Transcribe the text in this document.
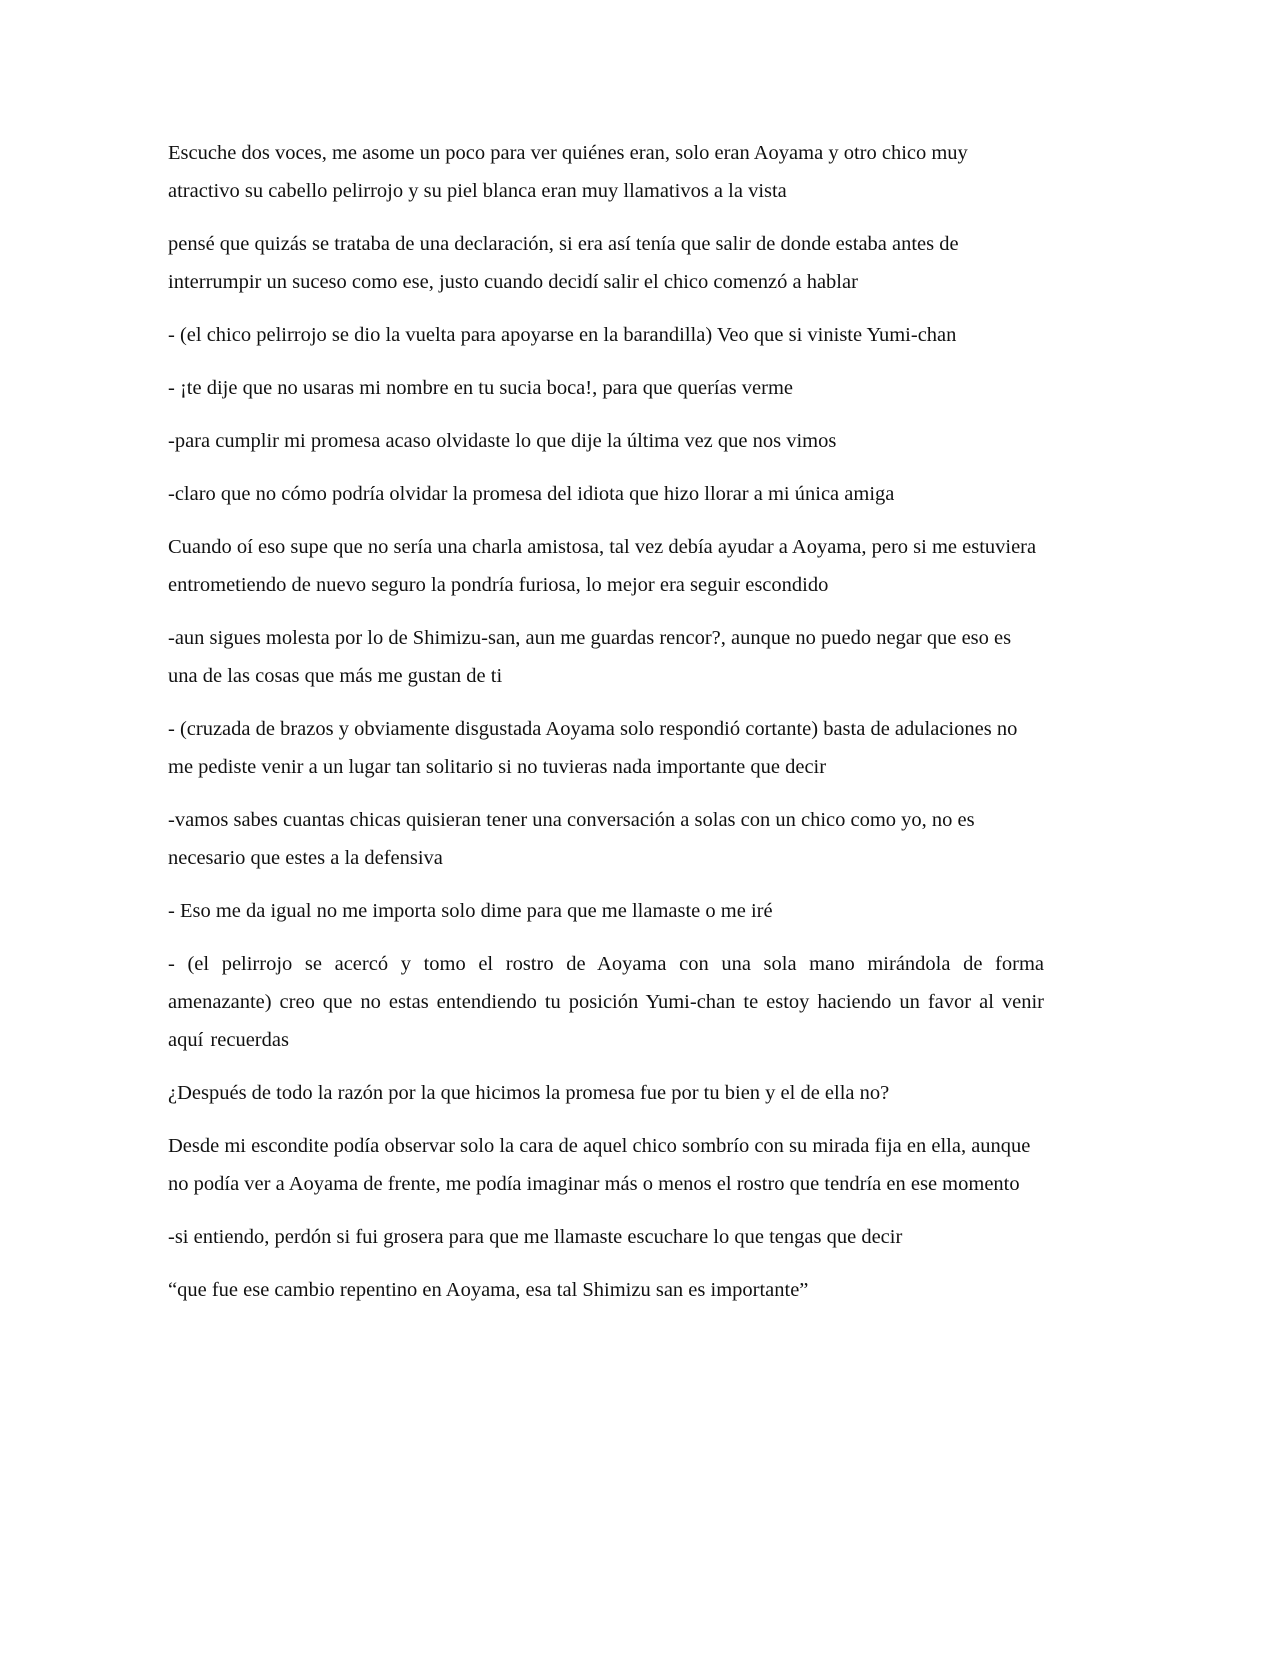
Escuche dos voces, me asome un poco para ver quiénes eran, solo eran Aoyama y otro chico muy atractivo su cabello pelirrojo y su piel blanca eran muy llamativos a la vista

pensé que quizás se trataba de una declaración, si era así tenía que salir de donde estaba antes de interrumpir un suceso como ese, justo cuando decidí salir el chico comenzó a hablar

- (el chico pelirrojo se dio la vuelta para apoyarse en la barandilla) Veo que si viniste Yumi-chan

- ¡te dije que no usaras mi nombre en tu sucia boca!, para que querías verme

-para cumplir mi promesa acaso olvidaste lo que dije la última vez que nos vimos

-claro que no cómo podría olvidar la promesa del idiota que hizo llorar a mi única amiga

Cuando oí eso supe que no sería una charla amistosa, tal vez debía ayudar a Aoyama, pero si me estuviera entrometiendo de nuevo seguro la pondría furiosa, lo mejor era seguir escondido

-aun sigues molesta por lo de Shimizu-san, aun me guardas rencor?, aunque no puedo negar que eso es una de las cosas que más me gustan de ti

- (cruzada de brazos y obviamente disgustada Aoyama solo respondió cortante) basta de adulaciones no me pediste venir a un lugar tan solitario si no tuvieras nada importante que decir

-vamos sabes cuantas chicas quisieran tener una conversación a solas con un chico como yo, no es necesario que estes a la defensiva

- Eso me da igual no me importa solo dime para que me llamaste o me iré

- (el pelirrojo se acercó y tomo el rostro de Aoyama con una sola mano mirándola de forma amenazante) creo que no estas entendiendo tu posición Yumi-chan te estoy haciendo un favor al venir aquí recuerdas

¿Después de todo la razón por la que hicimos la promesa fue por tu bien y el de ella no?

Desde mi escondite podía observar solo la cara de aquel chico sombrío con su mirada fija en ella, aunque no podía ver a Aoyama de frente, me podía imaginar más o menos el rostro que tendría en ese momento

-si entiendo, perdón si fui grosera para que me llamaste escuchare lo que tengas que decir

“que fue ese cambio repentino en Aoyama, esa tal Shimizu san es importante”
